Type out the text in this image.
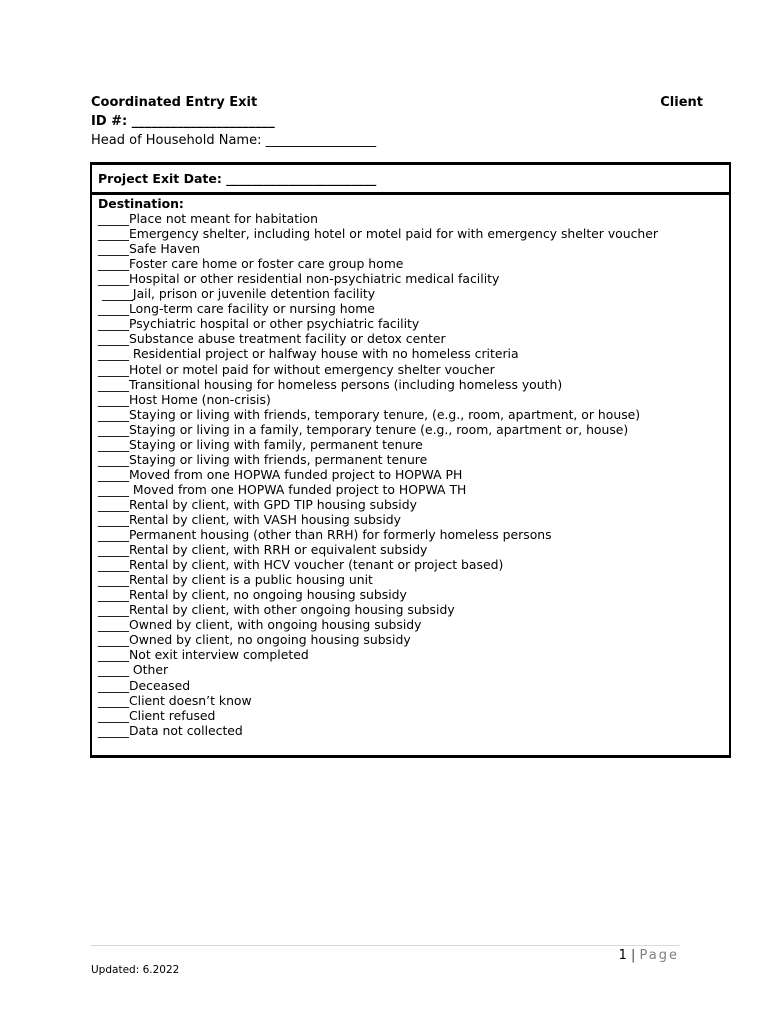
Coordinated Entry Exit	Client
ID #: ______________________
Head of Household Name: _________________
Project Exit Date: ________________________
Destination:
_____Place not meant for habitation
_____Emergency shelter, including hotel or motel paid for with emergency shelter voucher
_____Safe Haven
_____Foster care home or foster care group home
_____Hospital or other residential non-psychiatric medical facility
_____Jail, prison or juvenile detention facility
_____Long-term care facility or nursing home
_____Psychiatric hospital or other psychiatric facility
_____Substance abuse treatment facility or detox center
_____ Residential project or halfway house with no homeless criteria
_____Hotel or motel paid for without emergency shelter voucher
_____Transitional housing for homeless persons (including homeless youth)
_____Host Home (non-crisis)
_____Staying or living with friends, temporary tenure, (e.g., room, apartment, or house)
_____Staying or living in a family, temporary tenure (e.g., room, apartment or, house)
_____Staying or living with family, permanent tenure
_____Staying or living with friends, permanent tenure
_____Moved from one HOPWA funded project to HOPWA PH
_____ Moved from one HOPWA funded project to HOPWA TH
_____Rental by client, with GPD TIP housing subsidy
_____Rental by client, with VASH housing subsidy
_____Permanent housing (other than RRH) for formerly homeless persons
_____Rental by client, with RRH or equivalent subsidy
_____Rental by client, with HCV voucher (tenant or project based)
_____Rental by client is a public housing unit
_____Rental by client, no ongoing housing subsidy
_____Rental by client, with other ongoing housing subsidy
_____Owned by client, with ongoing housing subsidy
_____Owned by client, no ongoing housing subsidy
_____Not exit interview completed
_____ Other
_____Deceased
_____Client doesn’t know
_____Client refused
_____Data not collected
1 | Page
Updated: 6.2022
